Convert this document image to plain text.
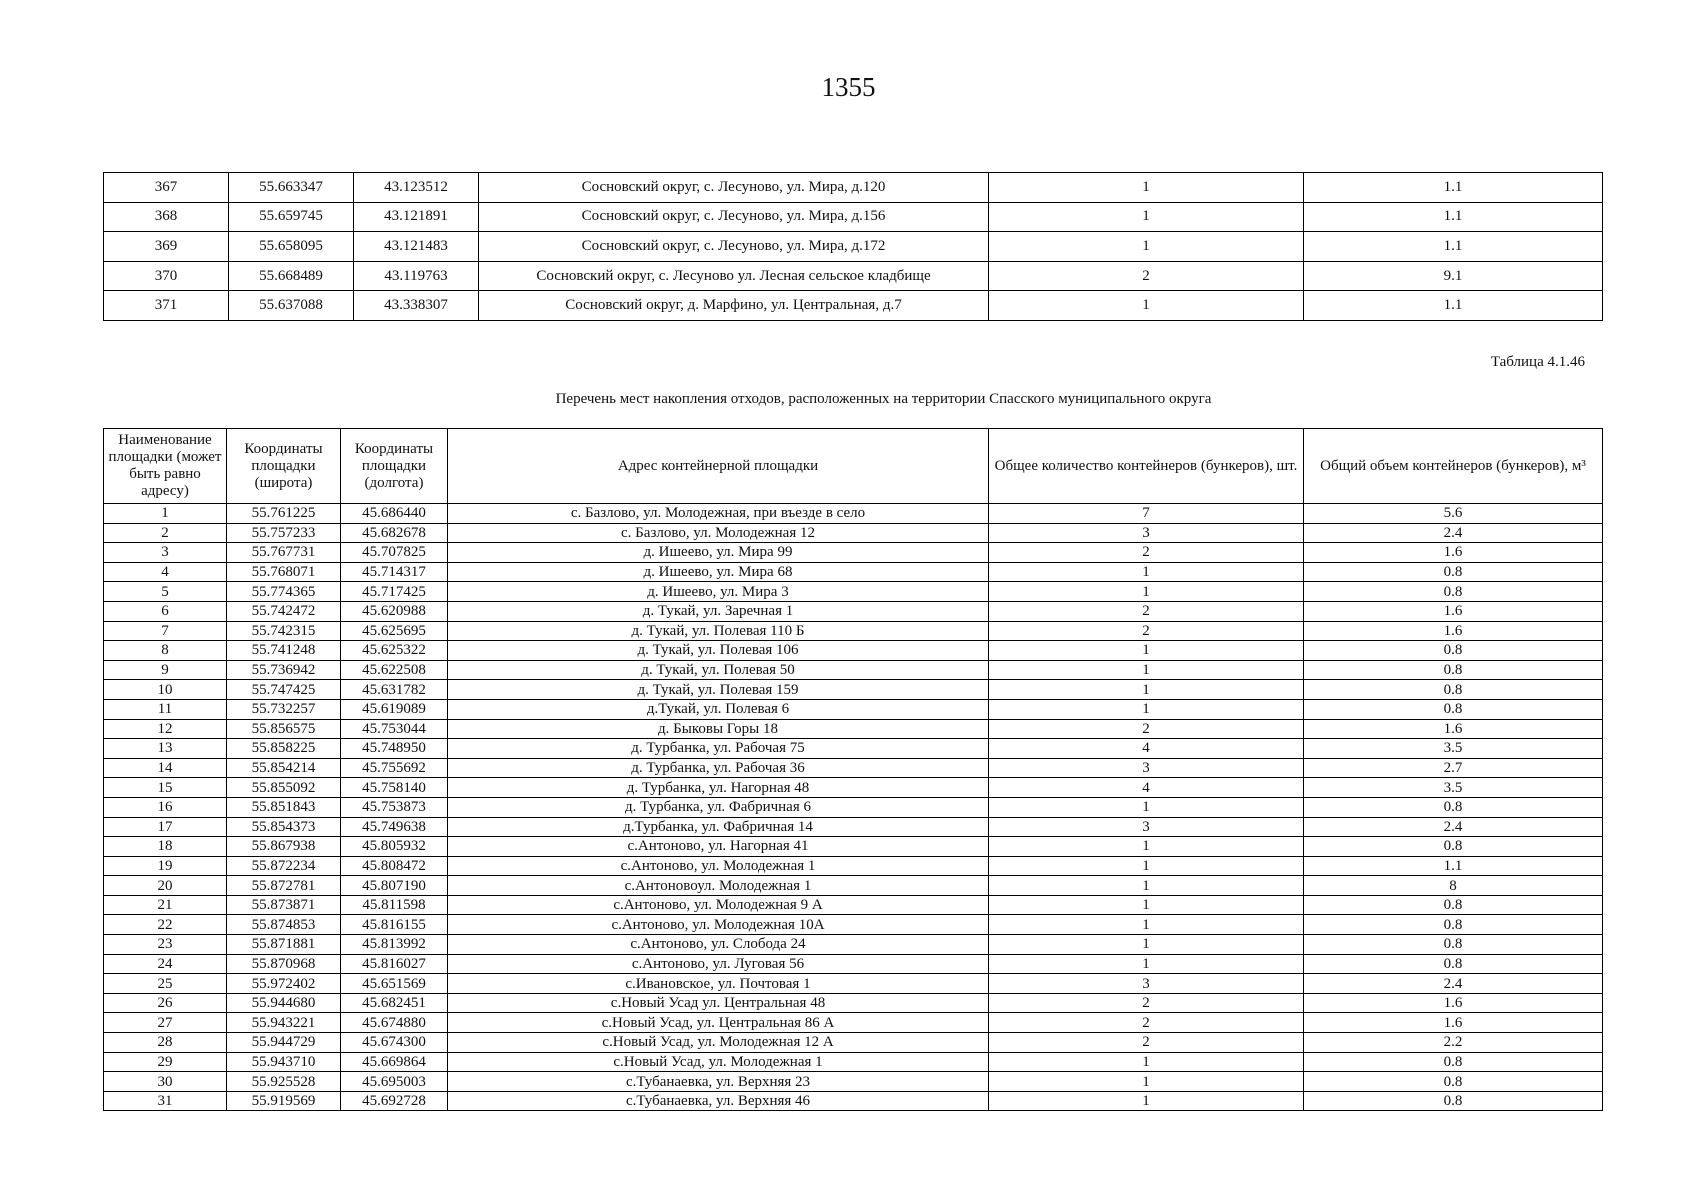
1355
367	55.663347	43.123512	Сосновский округ, с. Лесуново, ул. Мира, д.120	1	1.1
368	55.659745	43.121891	Сосновский округ, с. Лесуново, ул. Мира, д.156	1	1.1
369	55.658095	43.121483	Сосновский округ, с. Лесуново, ул. Мира, д.172	1	1.1
370	55.668489	43.119763	Сосновский округ, с. Лесуново ул. Лесная сельское кладбище	2	9.1
371	55.637088	43.338307	Сосновский округ, д. Марфино, ул. Центральная, д.7	1	1.1
Таблица 4.1.46
Перечень мест накопления отходов, расположенных на территории Спасского муниципального округа
Наименование площадки (может быть равно адресу)	Координаты площадки (широта)	Координаты площадки (долгота)	Адрес контейнерной площадки	Общее количество контейнеров (бункеров), шт.	Общий объем контейнеров (бункеров), м³
1	55.761225	45.686440	с. Базлово, ул. Молодежная, при въезде в село	7	5.6
2	55.757233	45.682678	с. Базлово, ул. Молодежная 12	3	2.4
3	55.767731	45.707825	д. Ишеево, ул. Мира 99	2	1.6
4	55.768071	45.714317	д. Ишеево, ул. Мира 68	1	0.8
5	55.774365	45.717425	д. Ишеево, ул. Мира 3	1	0.8
6	55.742472	45.620988	д. Тукай, ул. Заречная 1	2	1.6
7	55.742315	45.625695	д. Тукай, ул. Полевая 110 Б	2	1.6
8	55.741248	45.625322	д. Тукай, ул. Полевая 106	1	0.8
9	55.736942	45.622508	д. Тукай, ул. Полевая 50	1	0.8
10	55.747425	45.631782	д. Тукай, ул. Полевая 159	1	0.8
11	55.732257	45.619089	д.Тукай, ул. Полевая 6	1	0.8
12	55.856575	45.753044	д. Быковы Горы 18	2	1.6
13	55.858225	45.748950	д. Турбанка, ул. Рабочая 75	4	3.5
14	55.854214	45.755692	д. Турбанка, ул. Рабочая 36	3	2.7
15	55.855092	45.758140	д. Турбанка, ул. Нагорная 48	4	3.5
16	55.851843	45.753873	д. Турбанка, ул. Фабричная 6	1	0.8
17	55.854373	45.749638	д.Турбанка, ул. Фабричная 14	3	2.4
18	55.867938	45.805932	с.Антоново, ул. Нагорная 41	1	0.8
19	55.872234	45.808472	с.Антоново, ул. Молодежная 1	1	1.1
20	55.872781	45.807190	с.Антоновоул. Молодежная 1	1	8
21	55.873871	45.811598	с.Антоново, ул. Молодежная 9 А	1	0.8
22	55.874853	45.816155	с.Антоново, ул. Молодежная 10А	1	0.8
23	55.871881	45.813992	с.Антоново, ул. Слобода 24	1	0.8
24	55.870968	45.816027	с.Антоново, ул. Луговая 56	1	0.8
25	55.972402	45.651569	с.Ивановское, ул. Почтовая 1	3	2.4
26	55.944680	45.682451	с.Новый Усад ул. Центральная 48	2	1.6
27	55.943221	45.674880	с.Новый Усад, ул. Центральная 86 А	2	1.6
28	55.944729	45.674300	с.Новый Усад, ул. Молодежная 12 А	2	2.2
29	55.943710	45.669864	с.Новый Усад, ул. Молодежная 1	1	0.8
30	55.925528	45.695003	с.Тубанаевка, ул. Верхняя 23	1	0.8
31	55.919569	45.692728	с.Тубанаевка, ул. Верхняя 46	1	0.8
